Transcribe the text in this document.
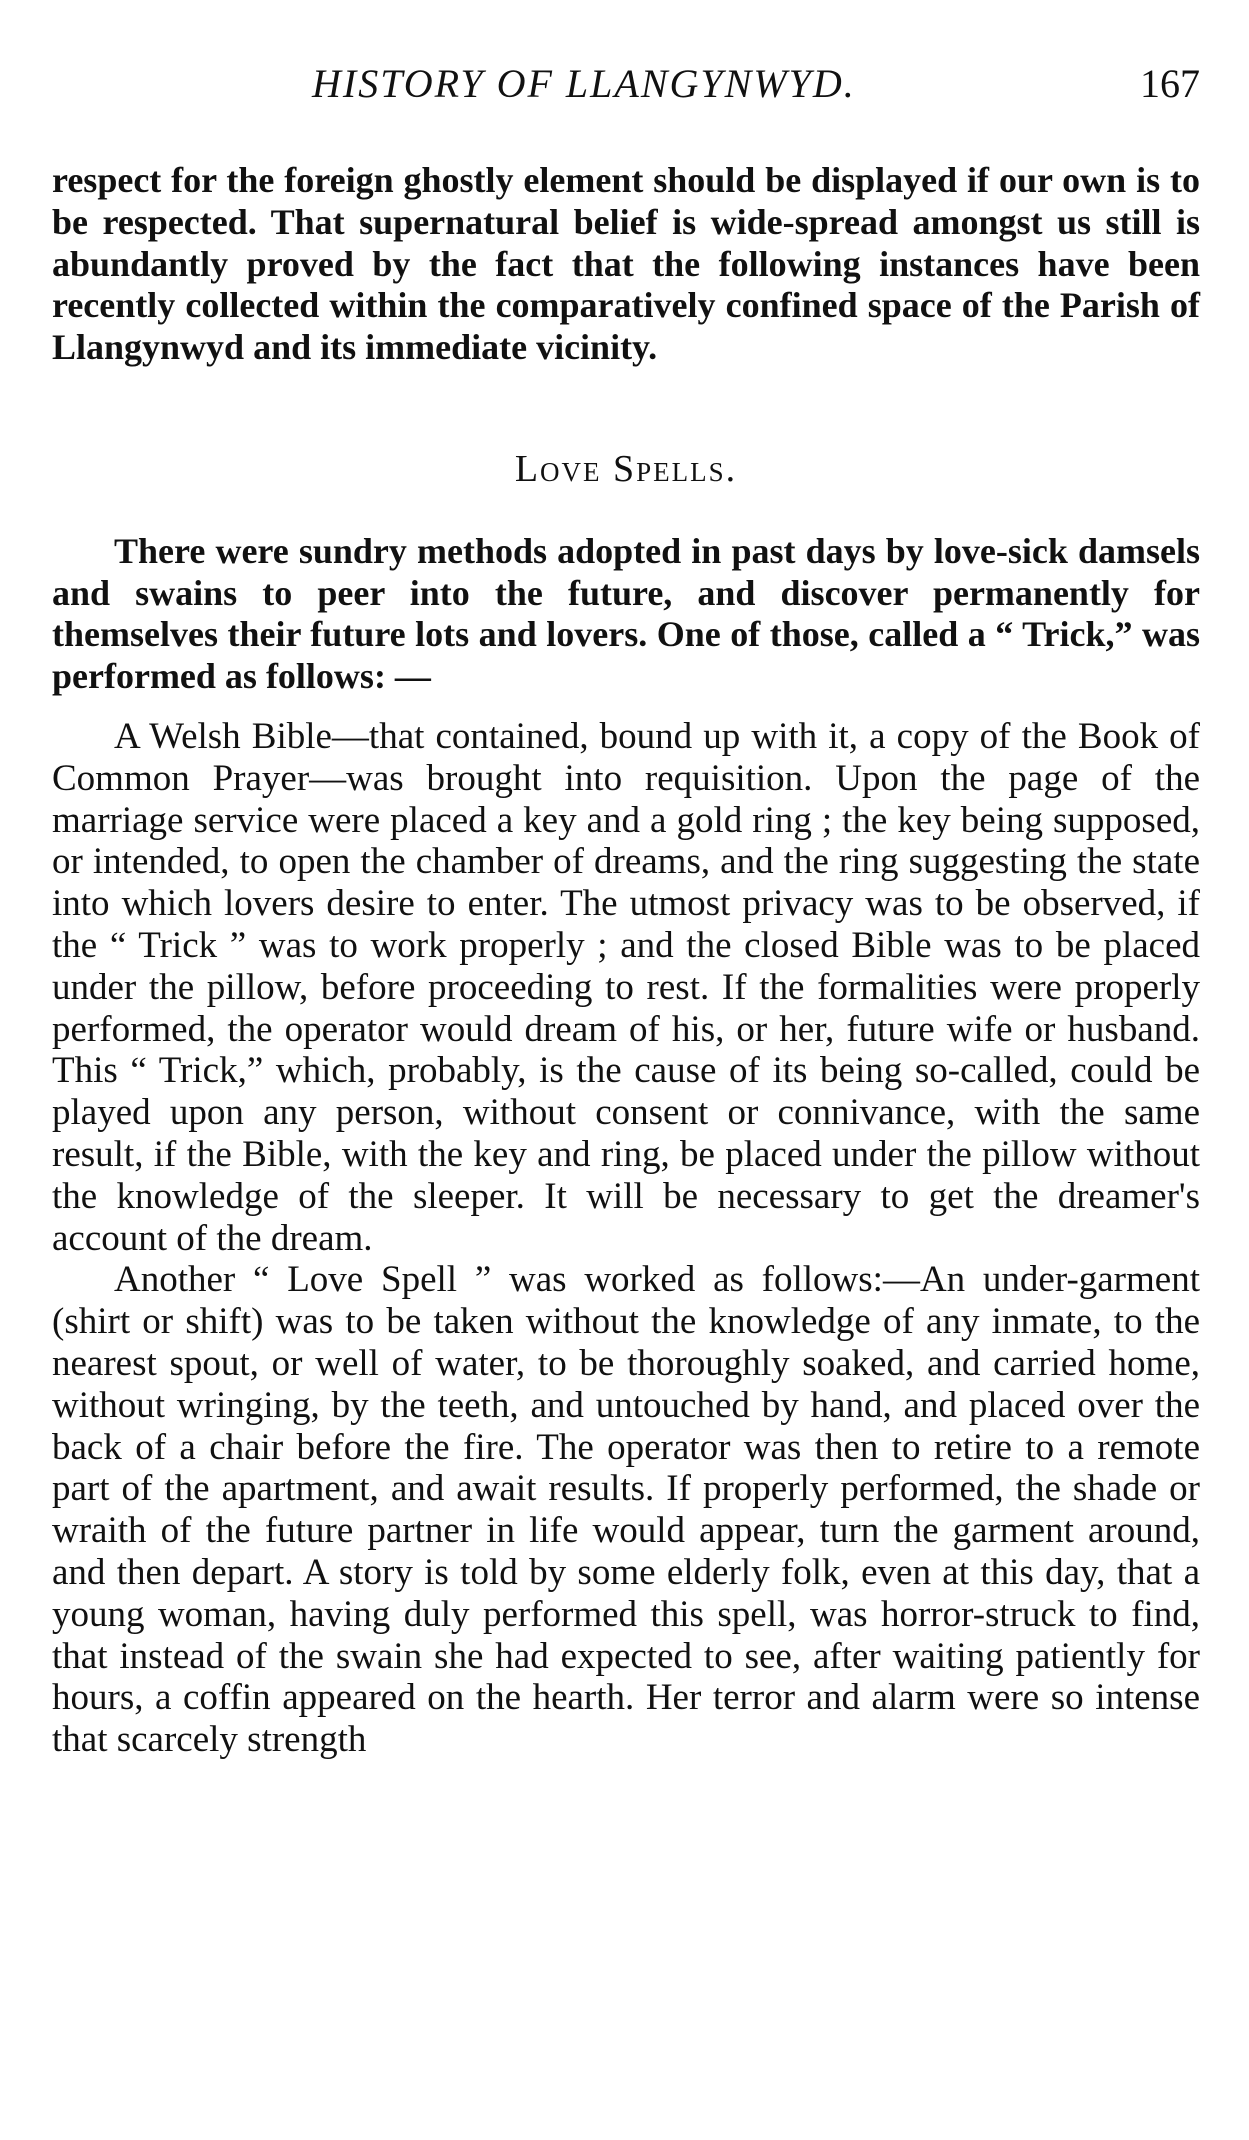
HISTORY OF LLANGYNWYD.	167

respect for the foreign ghostly element should be displayed if our own is to be respected. That supernatural belief is wide-spread amongst us still is abundantly proved by the fact that the following instances have been recently collected within the comparatively confined space of the Parish of Llangynwyd and its immediate vicinity.

Love Spells.

There were sundry methods adopted in past days by love-sick damsels and swains to peer into the future, and discover permanently for themselves their future lots and lovers. One of those, called a “ Trick,” was performed as follows: —

A Welsh Bible—that contained, bound up with it, a copy of the Book of Common Prayer—was brought into requisition. Upon the page of the marriage service were placed a key and a gold ring ; the key being supposed, or intended, to open the chamber of dreams, and the ring suggesting the state into which lovers desire to enter. The utmost privacy was to be observed, if the “ Trick ” was to work properly ; and the closed Bible was to be placed under the pillow, before proceeding to rest. If the formalities were properly performed, the operator would dream of his, or her, future wife or husband. This “ Trick,” which, probably, is the cause of its being so-called, could be played upon any person, without consent or connivance, with the same result, if the Bible, with the key and ring, be placed under the pillow without the knowledge of the sleeper. It will be necessary to get the dreamer's account of the dream.

Another “ Love Spell ” was worked as follows:—An under-garment (shirt or shift) was to be taken without the knowledge of any inmate, to the nearest spout, or well of water, to be thoroughly soaked, and carried home, without wringing, by the teeth, and untouched by hand, and placed over the back of a chair before the fire. The operator was then to retire to a remote part of the apartment, and await results. If properly performed, the shade or wraith of the future partner in life would appear, turn the garment around, and then depart. A story is told by some elderly folk, even at this day, that a young woman, having duly performed this spell, was horror-struck to find, that instead of the swain she had expected to see, after waiting patiently for hours, a coffin appeared on the hearth. Her terror and alarm were so intense that scarcely strength
